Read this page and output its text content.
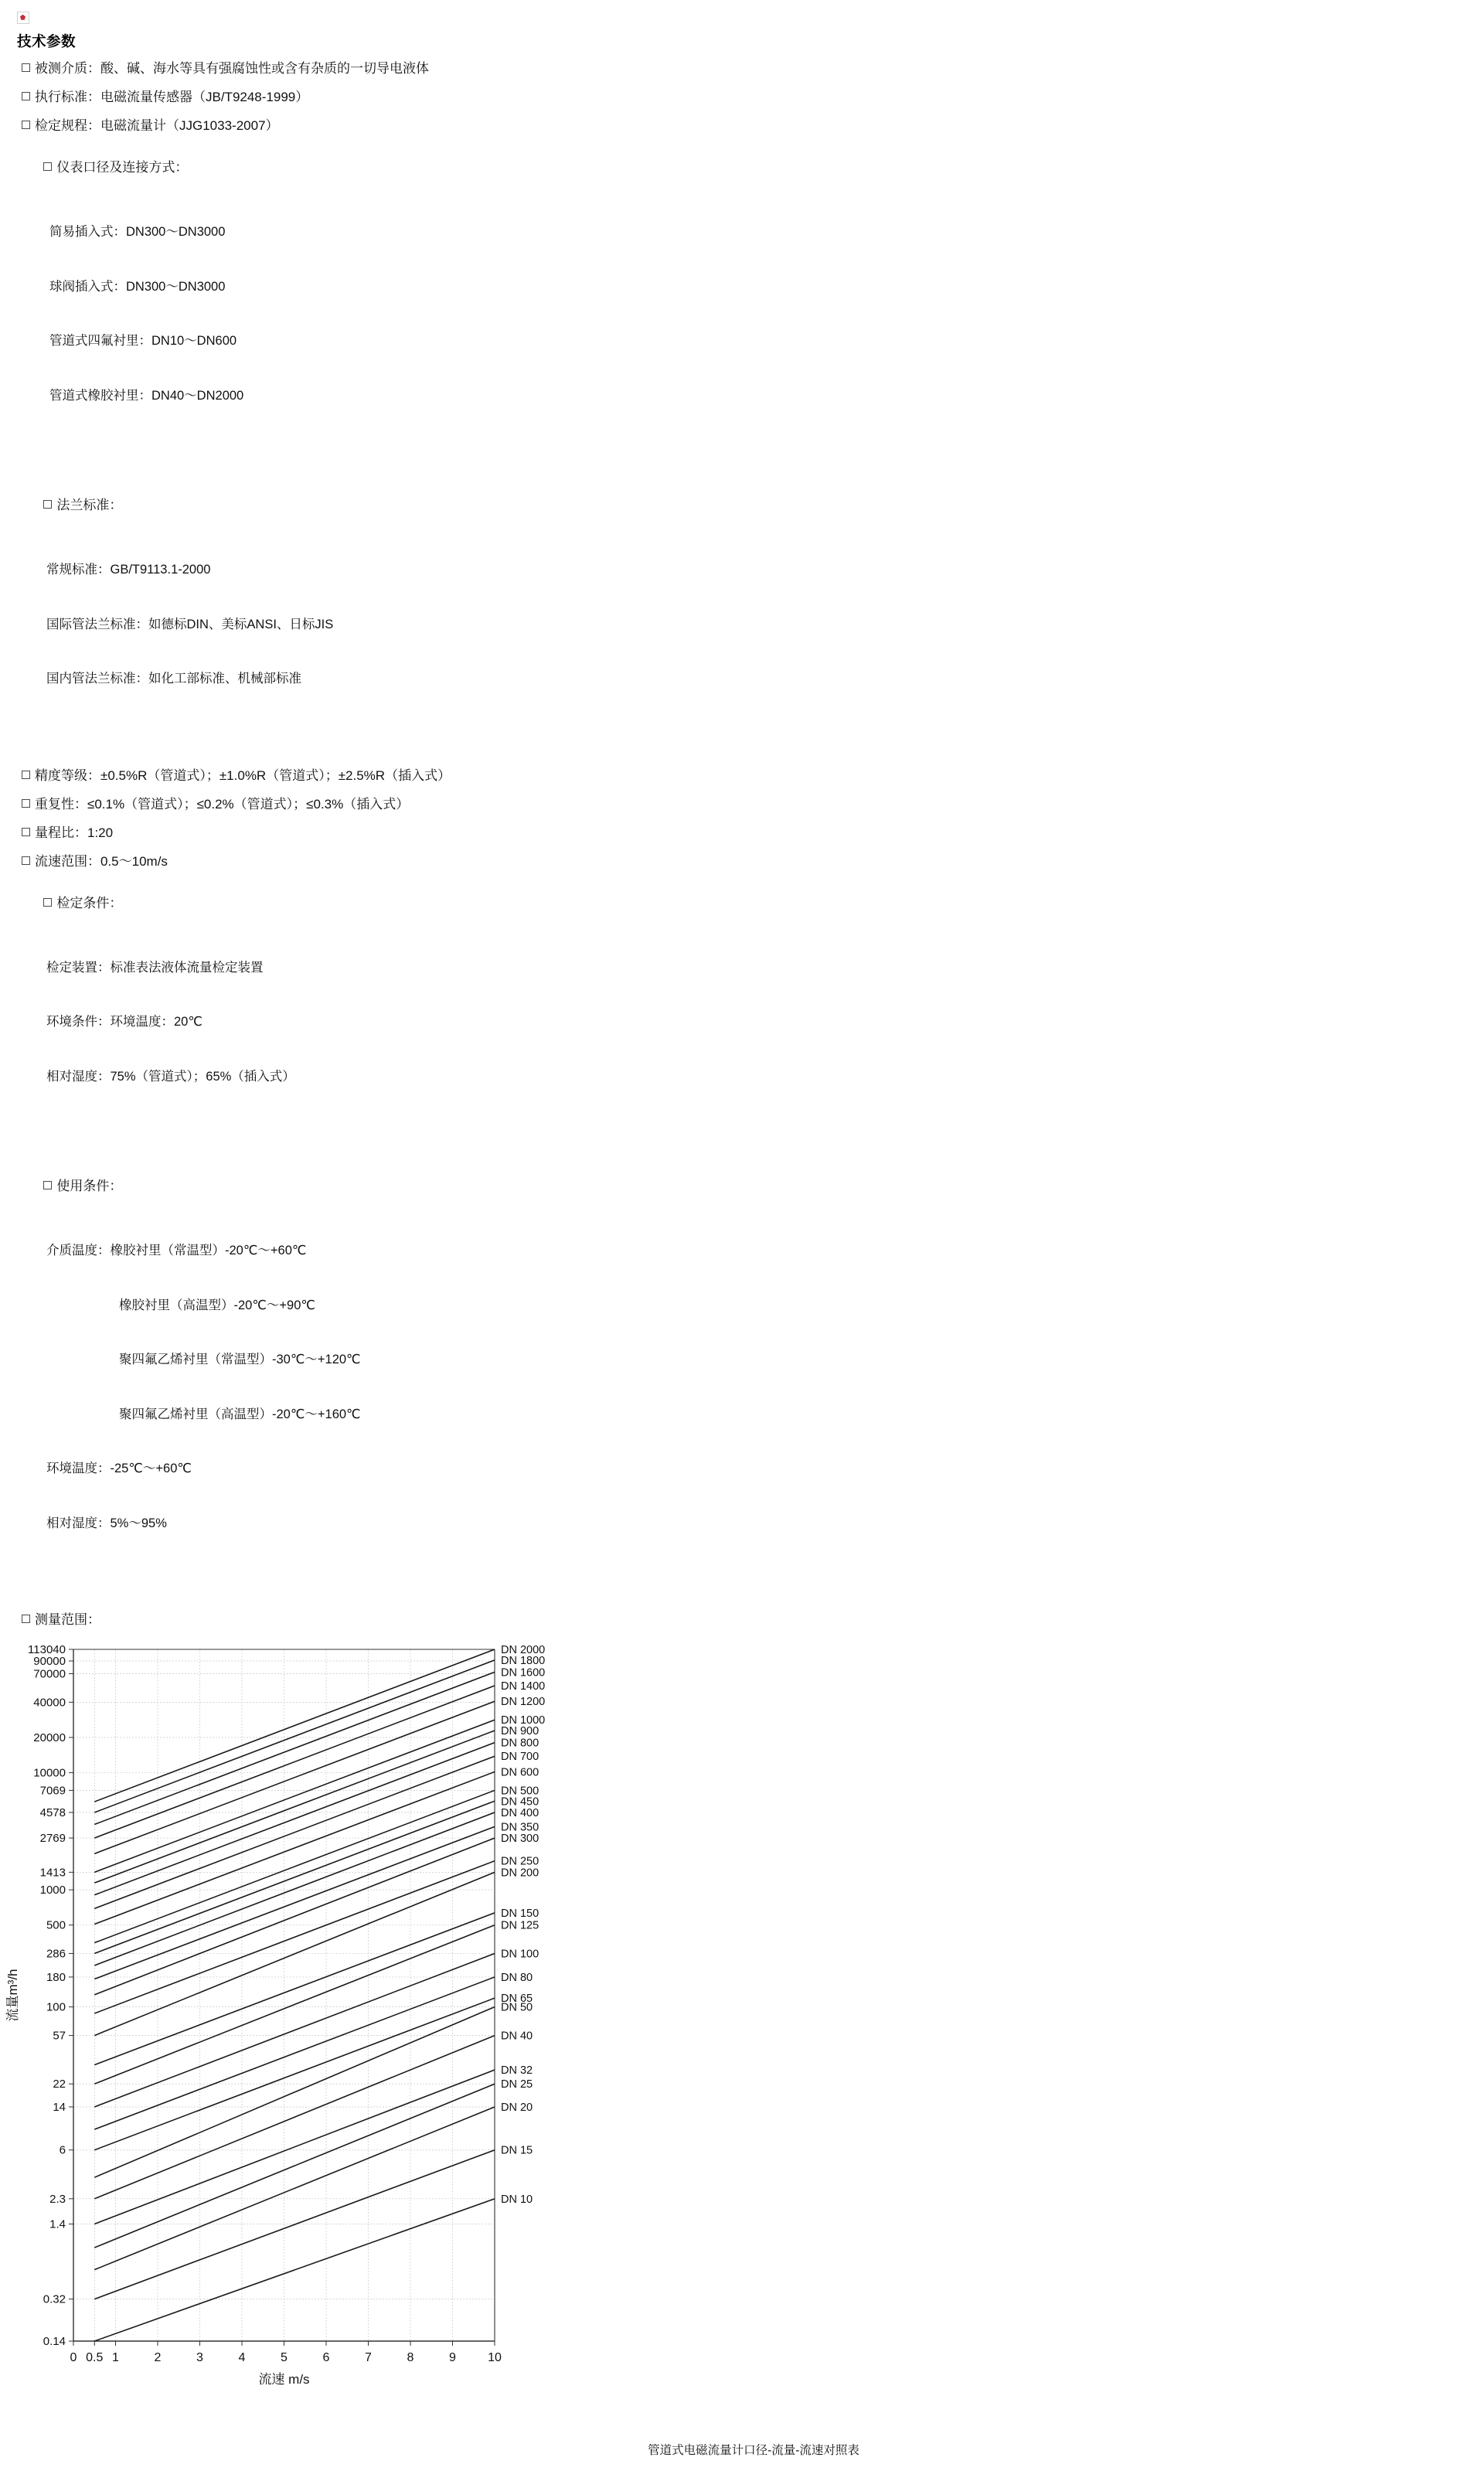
技术参数
被测介质：酸、碱、海水等具有强腐蚀性或含有杂质的一切导电液体
执行标准：电磁流量传感器（JB/T9248-1999）
检定规程：电磁流量计（JJG1033-2007）

仪表口径及连接方式：

简易插入式：DN300～DN3000

球阀插入式：DN300～DN3000

管道式四氟衬里：DN10～DN600

管道式橡胶衬里：DN40～DN2000

法兰标准：

常规标准：GB/T9113.1-2000

国际管法兰标准：如德标DIN、美标ANSI、日标JIS

国内管法兰标准：如化工部标准、机械部标准

精度等级：±0.5%R（管道式）；±1.0%R（管道式）；±2.5%R（插入式）
重复性：≤0.1%（管道式）；≤0.2%（管道式）；≤0.3%（插入式）
量程比：1:20
流速范围：0.5～10m/s

检定条件：

检定装置：标准表法液体流量检定装置

环境条件：环境温度：20℃

相对湿度：75%（管道式）；65%（插入式）

使用条件：

介质温度：橡胶衬里（常温型）-20℃～+60℃

橡胶衬里（高温型）-20℃～+90℃

聚四氟乙烯衬里（常温型）-30℃～+120℃

聚四氟乙烯衬里（高温型）-20℃～+160℃

环境温度：-25℃～+60℃

相对湿度：5%～95%

测量范围：
113040
90000
70000
40000
20000
10000
7069
4578
2769
1413
1000
500
286
180
100
57
22
14
6
2.3
1.4
0.32
0.14
0 0.5 1	2	3	4	5	6	7	8	9	10
DN 2000
DN 1800
DN 1600
DN 1400
DN 1200
DN 1000
DN 900
DN 800
DN 700
DN 600
DN 500
DN 450
DN 400
DN 350
DN 300
DN 250
DN 200
DN 150
DN 125
DN 100
DN 80
DN 65
DN 50
DN 40
DN 32
DN 25
DN 20
DN 15
DN 10
流速 m/s
流量m³/h
管道式电磁流量计口径-流量-流速对照表
